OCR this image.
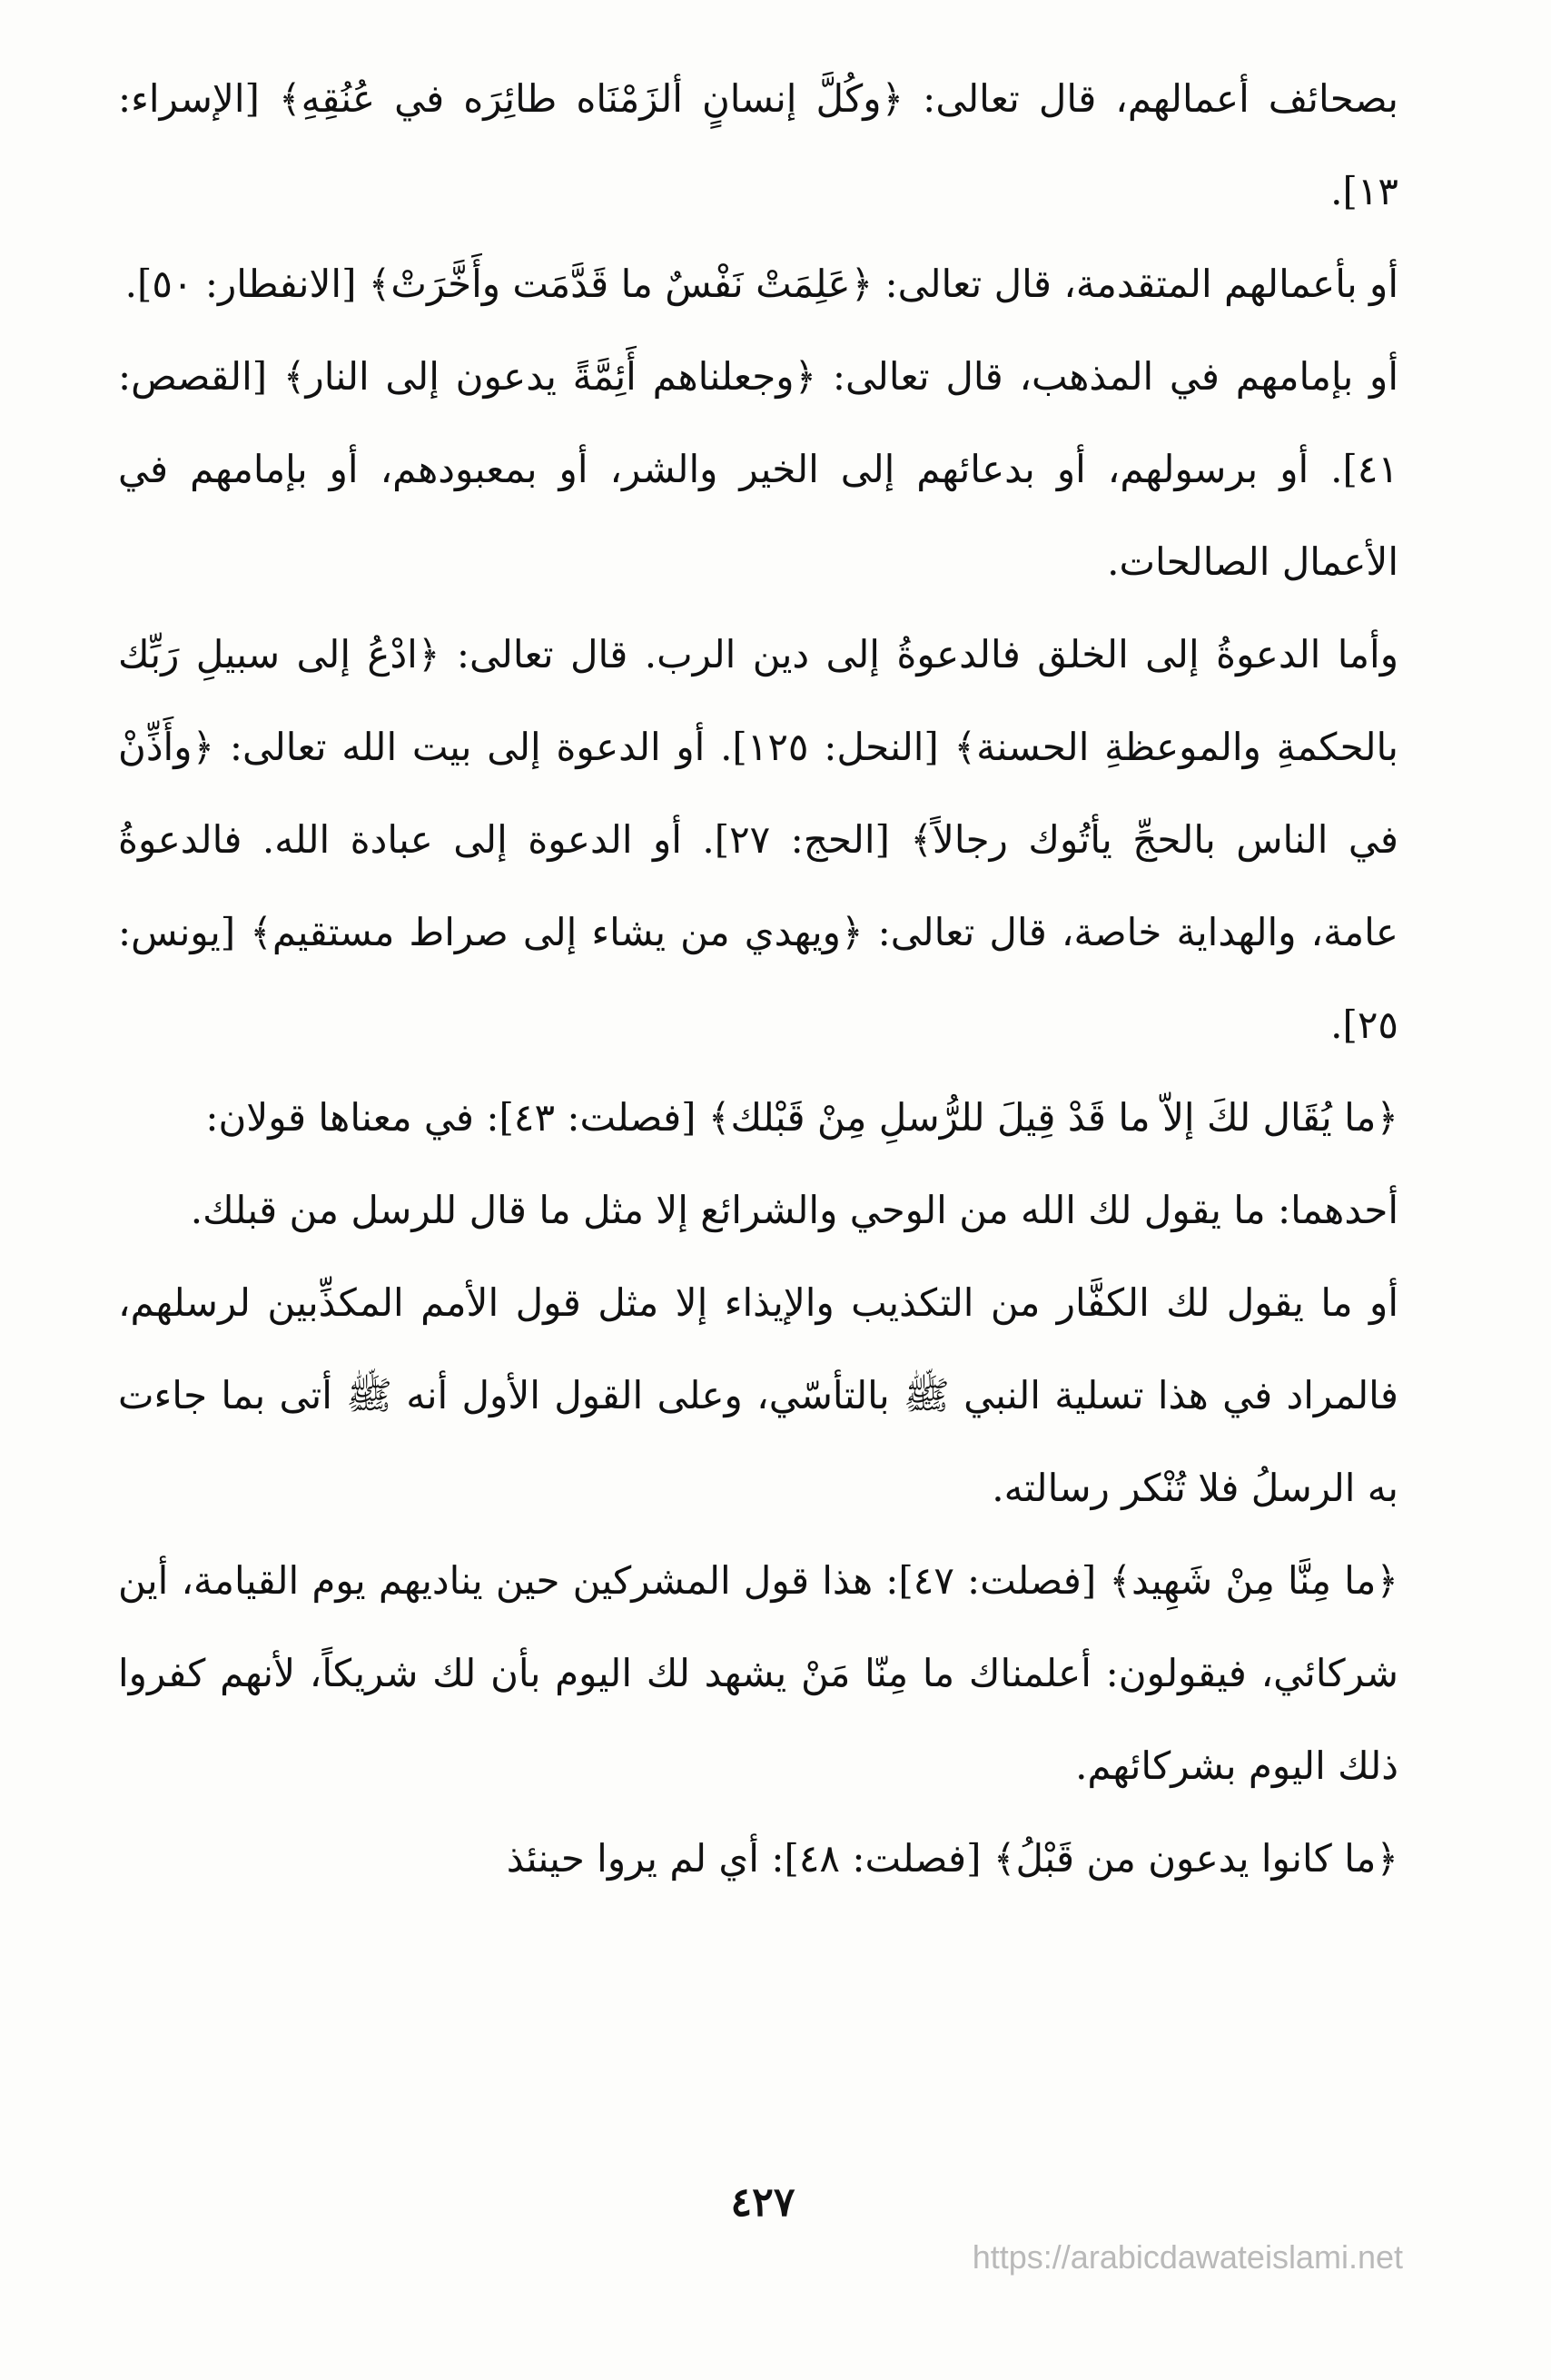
بصحائف أعمالهم، قال تعالى: ﴿وكُلَّ إنسانٍ ألزَمْنَاه طائِرَه في عُنُقِهِ﴾ [الإسراء: ١٣].

أو بأعمالهم المتقدمة، قال تعالى: ﴿عَلِمَتْ نَفْسٌ ما قَدَّمَت وأَخَّرَتْ﴾ [الانفطار: ٥٠].

أو بإمامهم في المذهب، قال تعالى: ﴿وجعلناهم أَئِمَّةً يدعون إلى النار﴾ [القصص: ٤١]. أو برسولهم، أو بدعائهم إلى الخير والشر، أو بمعبودهم، أو بإمامهم في الأعمال الصالحات.

وأما الدعوةُ إلى الخلق فالدعوةُ إلى دين الرب. قال تعالى: ﴿ادْعُ إلى سبيلِ رَبِّك بالحكمةِ والموعظةِ الحسنة﴾ [النحل: ١٢٥]. أو الدعوة إلى بيت الله تعالى: ﴿وأَذِّنْ في الناس بالحجِّ يأتُوك رجالاً﴾ [الحج: ٢٧]. أو الدعوة إلى عبادة الله. فالدعوةُ عامة، والهداية خاصة، قال تعالى: ﴿ويهدي من يشاء إلى صراط مستقيم﴾ [يونس: ٢٥].

﴿ما يُقَال لكَ إلاّ ما قَدْ قِيلَ للرُّسلِ مِنْ قَبْلك﴾ [فصلت: ٤٣]: في معناها قولان:

أحدهما: ما يقول لك الله من الوحي والشرائع إلا مثل ما قال للرسل من قبلك.

أو ما يقول لك الكفَّار من التكذيب والإيذاء إلا مثل قول الأمم المكذِّبين لرسلهم، فالمراد في هذا تسلية النبي ﷺ بالتأسّي، وعلى القول الأول أنه ﷺ أتى بما جاءت به الرسلُ فلا تُنْكر رسالته.

﴿ما مِنَّا مِنْ شَهِيد﴾ [فصلت: ٤٧]: هذا قول المشركين حين يناديهم يوم القيامة، أين شركائي، فيقولون: أعلمناك ما مِنّا مَنْ يشهد لك اليوم بأن لك شريكاً، لأنهم كفروا ذلك اليوم بشركائهم.

﴿ما كانوا يدعون من قَبْلُ﴾ [فصلت: ٤٨]: أي لم يروا حينئذ

٤٢٧
https://arabicdawateislami.net
